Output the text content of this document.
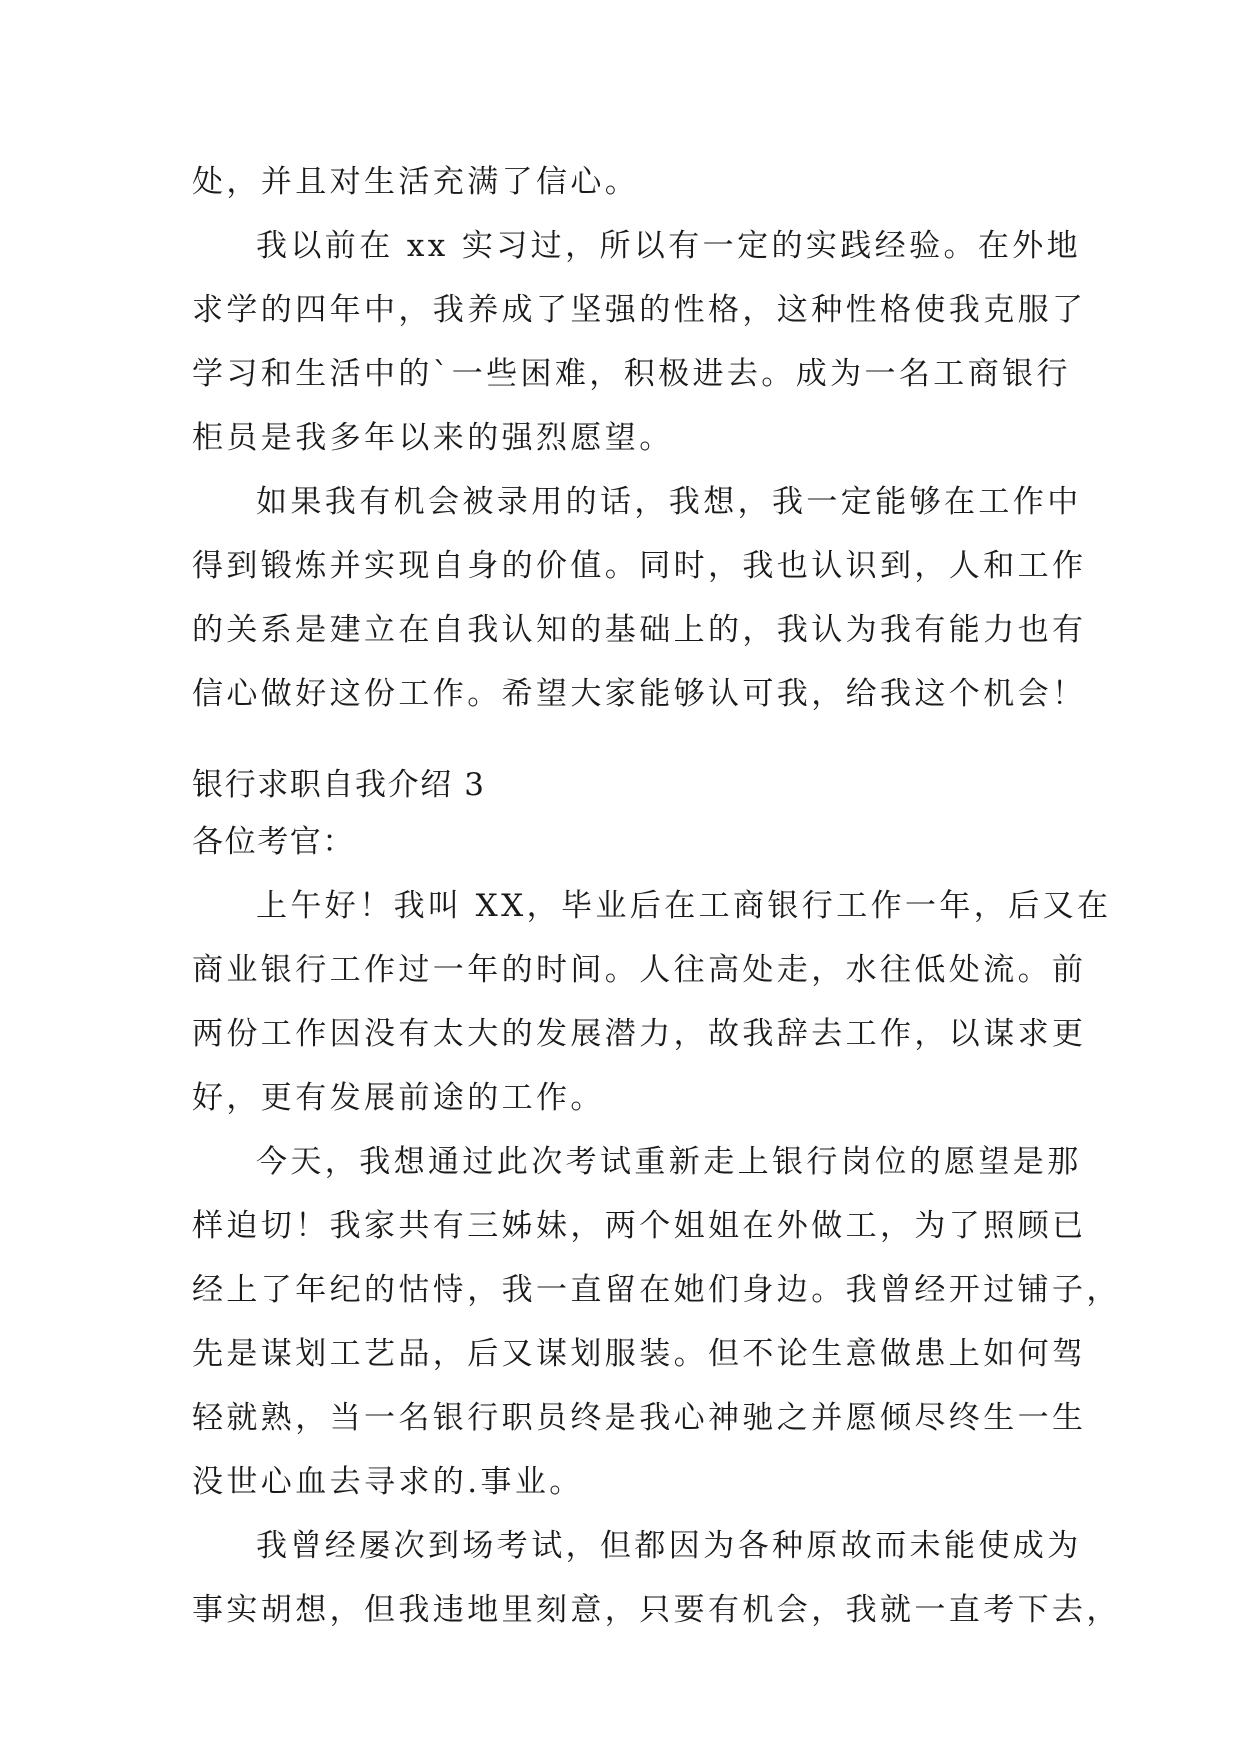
处，并且对生活充满了信心。
我以前在 xx 实习过，所以有一定的实践经验。在外地
求学的四年中，我养成了坚强的性格，这种性格使我克服了
学习和生活中的`一些困难，积极进去。成为一名工商银行
柜员是我多年以来的强烈愿望。
如果我有机会被录用的话，我想，我一定能够在工作中
得到锻炼并实现自身的价值。同时，我也认识到，人和工作
的关系是建立在自我认知的基础上的，我认为我有能力也有
信心做好这份工作。希望大家能够认可我，给我这个机会！
银行求职自我介绍 3
各位考官：
上午好！我叫 XX，毕业后在工商银行工作一年，后又在
商业银行工作过一年的时间。人往高处走，水往低处流。前
两份工作因没有太大的发展潜力，故我辞去工作，以谋求更
好，更有发展前途的工作。
今天，我想通过此次考试重新走上银行岗位的愿望是那
样迫切！我家共有三姊妹，两个姐姐在外做工，为了照顾已
经上了年纪的怙恃，我一直留在她们身边。我曾经开过铺子，
先是谋划工艺品，后又谋划服装。但不论生意做患上如何驾
轻就熟，当一名银行职员终是我心神驰之并愿倾尽终生一生
没世心血去寻求的.事业。
我曾经屡次到场考试，但都因为各种原故而未能使成为
事实胡想，但我违地里刻意，只要有机会，我就一直考下去，
